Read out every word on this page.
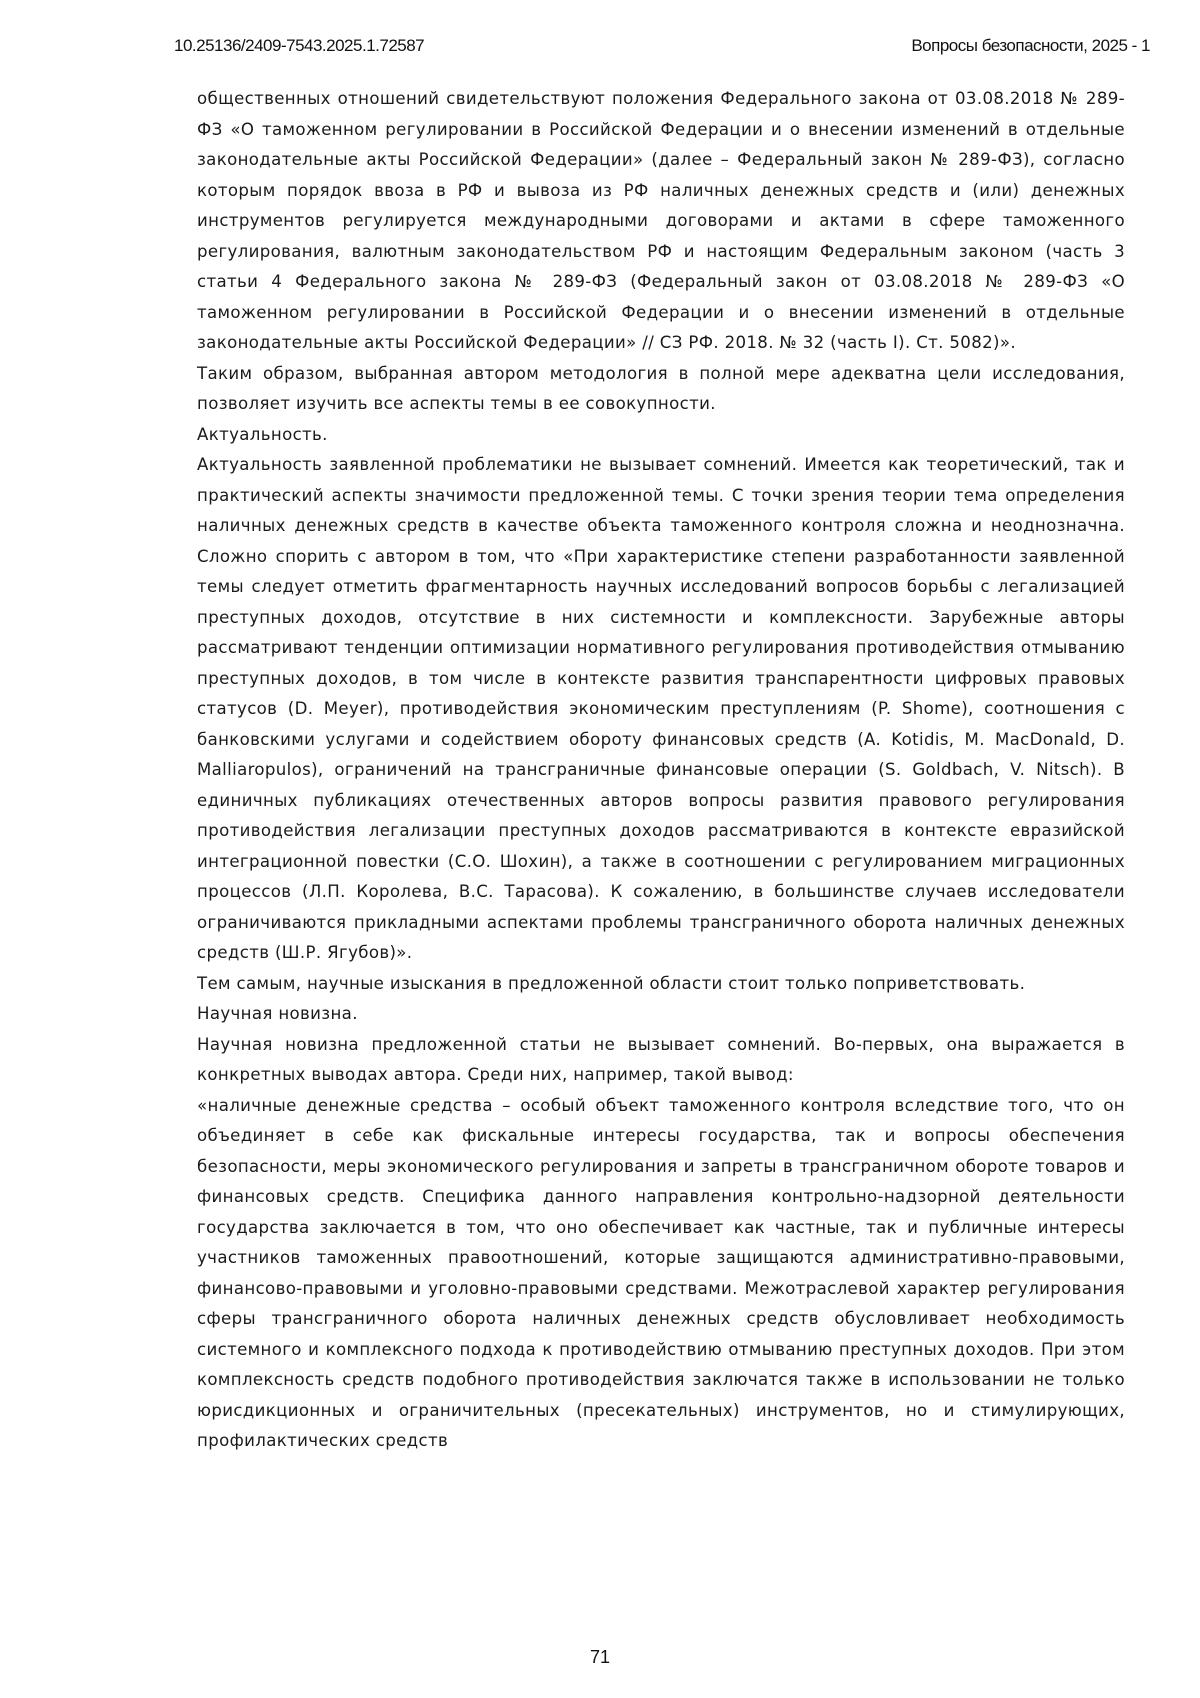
10.25136/2409-7543.2025.1.72587	Вопросы безопасности, 2025 - 1

общественных отношений свидетельствуют положения Федерального закона от 03.08.2018 № 289-ФЗ «О таможенном регулировании в Российской Федерации и о внесении изменений в отдельные законодательные акты Российской Федерации» (далее – Федеральный закон № 289-ФЗ), согласно которым порядок ввоза в РФ и вывоза из РФ наличных денежных средств и (или) денежных инструментов регулируется международными договорами и актами в сфере таможенного регулирования, валютным законодательством РФ и настоящим Федеральным законом (часть 3 статьи 4 Федерального закона № 289-ФЗ (Федеральный закон от 03.08.2018 № 289-ФЗ «О таможенном регулировании в Российской Федерации и о внесении изменений в отдельные законодательные акты Российской Федерации» // СЗ РФ. 2018. № 32 (часть I). Ст. 5082)».

Таким образом, выбранная автором методология в полной мере адекватна цели исследования, позволяет изучить все аспекты темы в ее совокупности.

Актуальность.

Актуальность заявленной проблематики не вызывает сомнений. Имеется как теоретический, так и практический аспекты значимости предложенной темы. С точки зрения теории тема определения наличных денежных средств в качестве объекта таможенного контроля сложна и неоднозначна. Сложно спорить с автором в том, что «При характеристике степени разработанности заявленной темы следует отметить фрагментарность научных исследований вопросов борьбы с легализацией преступных доходов, отсутствие в них системности и комплексности. Зарубежные авторы рассматривают тенденции оптимизации нормативного регулирования противодействия отмыванию преступных доходов, в том числе в контексте развития транспарентности цифровых правовых статусов (D. Meyer), противодействия экономическим преступлениям (P. Shome), соотношения с банковскими услугами и содействием обороту финансовых средств (A. Kotidis, M. MacDonald, D. Malliaropulos), ограничений на трансграничные финансовые операции (S. Goldbach, V. Nitsch). В единичных публикациях отечественных авторов вопросы развития правового регулирования противодействия легализации преступных доходов рассматриваются в контексте евразийской интеграционной повестки (С.О. Шохин), а также в соотношении с регулированием миграционных процессов (Л.П. Королева, В.С. Тарасова). К сожалению, в большинстве случаев исследователи ограничиваются прикладными аспектами проблемы трансграничного оборота наличных денежных средств (Ш.Р. Ягубов)».

Тем самым, научные изыскания в предложенной области стоит только поприветствовать.

Научная новизна.

Научная новизна предложенной статьи не вызывает сомнений. Во-первых, она выражается в конкретных выводах автора. Среди них, например, такой вывод:

«наличные денежные средства – особый объект таможенного контроля вследствие того, что он объединяет в себе как фискальные интересы государства, так и вопросы обеспечения безопасности, меры экономического регулирования и запреты в трансграничном обороте товаров и финансовых средств. Специфика данного направления контрольно-надзорной деятельности государства заключается в том, что оно обеспечивает как частные, так и публичные интересы участников таможенных правоотношений, которые защищаются административно-правовыми, финансово-правовыми и уголовно-правовыми средствами. Межотраслевой характер регулирования сферы трансграничного оборота наличных денежных средств обусловливает необходимость системного и комплексного подхода к противодействию отмыванию преступных доходов. При этом комплексность средств подобного противодействия заключатся также в использовании не только юрисдикционных и ограничительных (пресекательных) инструментов, но и стимулирующих, профилактических средств

71
